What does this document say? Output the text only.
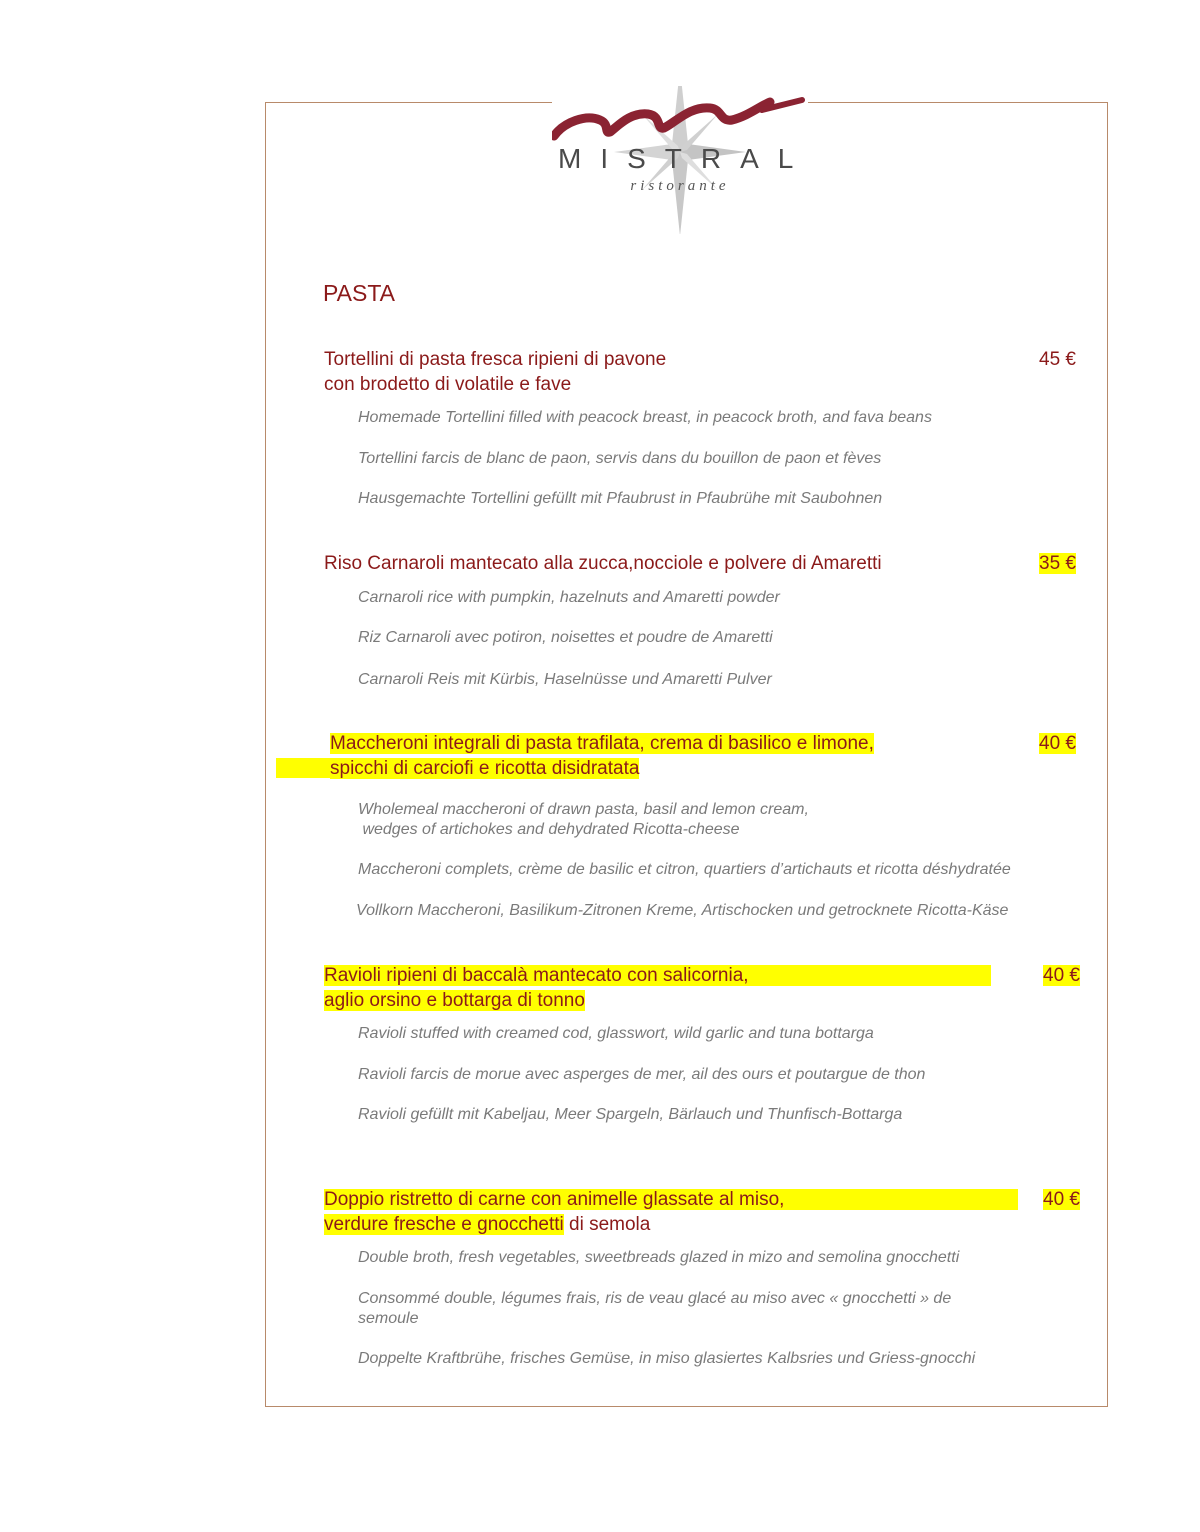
MISTRAL
ristorante
PASTA
Tortellini di pasta fresca ripieni di pavone
con brodetto di volatile e fave
45 €
Homemade Tortellini filled with peacock breast, in peacock broth, and fava beans
Tortellini farcis de blanc de paon, servis dans du bouillon de paon et fèves
Hausgemachte Tortellini gefüllt mit Pfaubrust in Pfaubrühe mit Saubohnen
Riso Carnaroli mantecato alla zucca,nocciole e polvere di Amaretti	35 €
Carnaroli rice with pumpkin, hazelnuts and Amaretti powder
Riz Carnaroli avec potiron, noisettes et poudre de Amaretti
Carnaroli Reis mit Kürbis, Haselnüsse und Amaretti Pulver
Maccheroni integrali di pasta trafilata, crema di basilico e limone,
spicchi di carciofi e ricotta disidratata
40 €
Wholemeal maccheroni of drawn pasta, basil and lemon cream,
wedges of artichokes and dehydrated Ricotta-cheese
Maccheroni complets, crème de basilic et citron, quartiers d’artichauts et ricotta déshydratée
Vollkorn Maccheroni, Basilikum-Zitronen Kreme, Artischocken und getrocknete Ricotta-Käse
Ravioli ripieni di baccalà mantecato con salicornia,
aglio orsino e bottarga di tonno
40 €
Ravioli stuffed with creamed cod, glasswort, wild garlic and tuna bottarga
Ravioli farcis de morue avec asperges de mer, ail des ours et poutargue de thon
Ravioli gefüllt mit Kabeljau, Meer Spargeln, Bärlauch und Thunfisch-Bottarga
Doppio ristretto di carne con animelle glassate al miso,
verdure fresche e gnocchetti di semola
40 €
Double broth, fresh vegetables, sweetbreads glazed in mizo and semolina gnocchetti
Consommé double, légumes frais, ris de veau glacé au miso avec « gnocchetti » de
semoule
Doppelte Kraftbrühe, frisches Gemüse, in miso glasiertes Kalbsries und Griess-gnocchi
